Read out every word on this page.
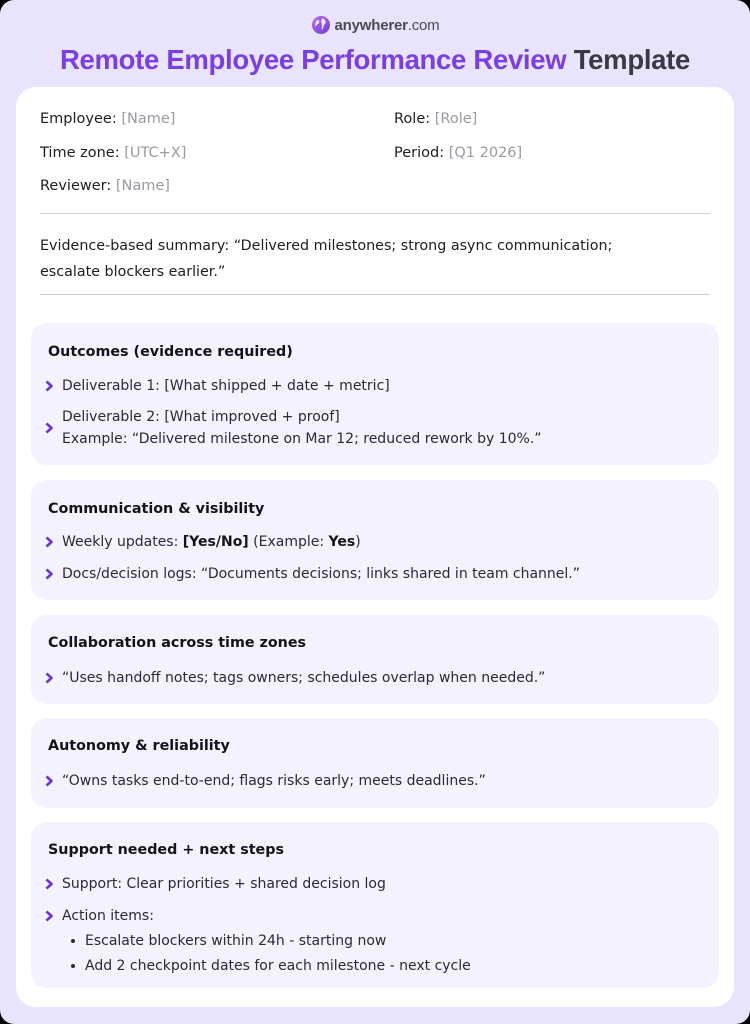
anywherer.com
Remote Employee Performance Review Template
Employee: [Name]	Role: [Role]
Time zone: [UTC+X]	Period: [Q1 2026]
Reviewer: [Name]
Evidence-based summary: “Delivered milestones; strong async communication;
escalate blockers earlier.”
Outcomes (evidence required)
Deliverable 1: [What shipped + date + metric]
Deliverable 2: [What improved + proof]
Example: “Delivered milestone on Mar 12; reduced rework by 10%.”
Communication & visibility
Weekly updates: [Yes/No] (Example: Yes)
Docs/decision logs: “Documents decisions; links shared in team channel.”
Collaboration across time zones
“Uses handoff notes; tags owners; schedules overlap when needed.”
Autonomy & reliability
“Owns tasks end-to-end; flags risks early; meets deadlines.”
Support needed + next steps
Support: Clear priorities + shared decision log
Action items:
Escalate blockers within 24h - starting now
Add 2 checkpoint dates for each milestone - next cycle
